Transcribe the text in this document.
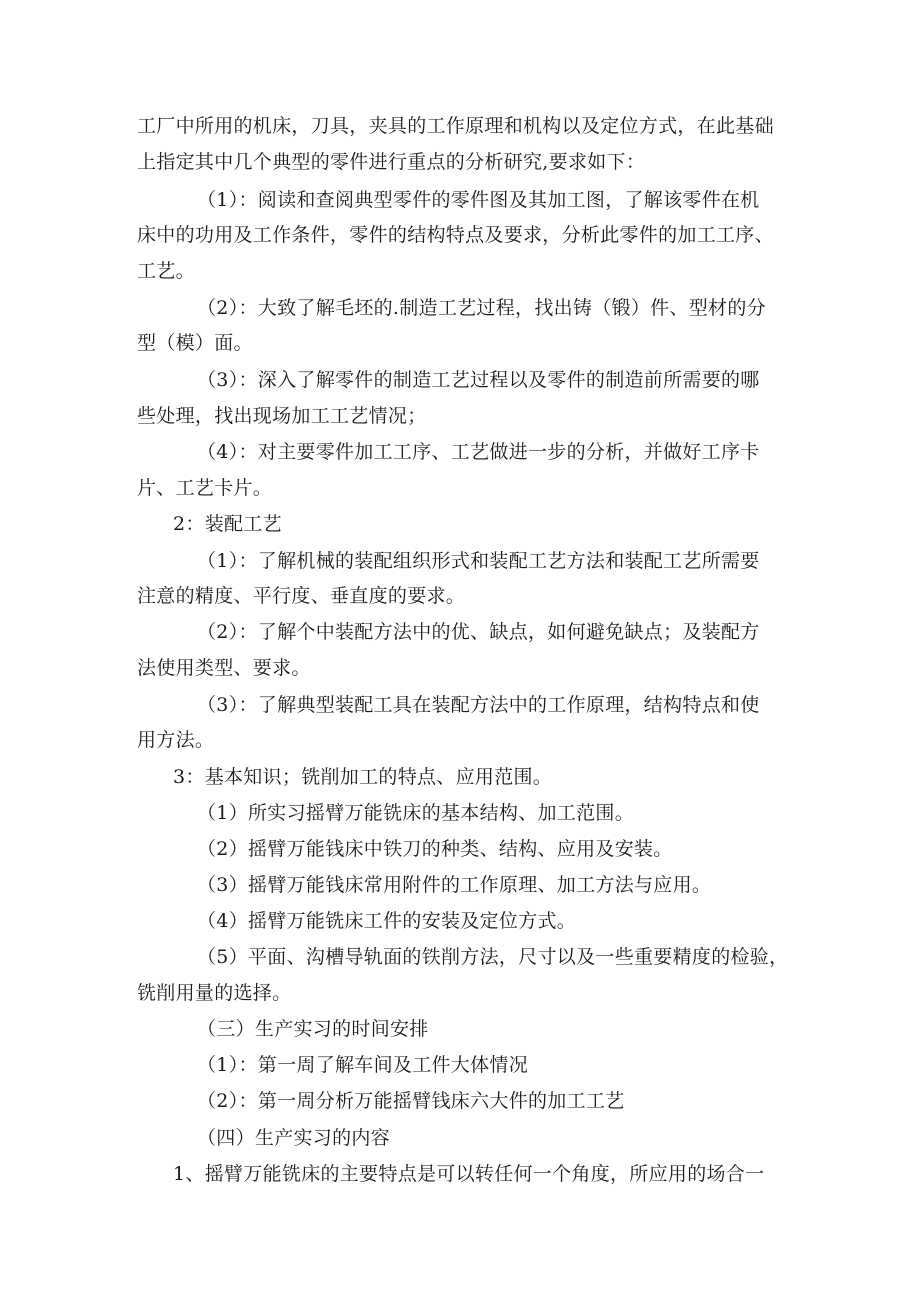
工厂中所用的机床，刀具，夹具的工作原理和机构以及定位方式，在此基础
上指定其中几个典型的零件进行重点的分析研究,要求如下：
（1）：阅读和查阅典型零件的零件图及其加工图，了解该零件在机
床中的功用及工作条件，零件的结构特点及要求，分析此零件的加工工序、
工艺。
（2）：大致了解毛坯的.制造工艺过程，找出铸（锻）件、型材的分
型（模）面。
（3）：深入了解零件的制造工艺过程以及零件的制造前所需要的哪
些处理，找出现场加工工艺情况；
（4）：对主要零件加工工序、工艺做进一步的分析，并做好工序卡
片、工艺卡片。
2：装配工艺
（1）：了解机械的装配组织形式和装配工艺方法和装配工艺所需要
注意的精度、平行度、垂直度的要求。
（2）：了解个中装配方法中的优、缺点，如何避免缺点；及装配方
法使用类型、要求。
（3）：了解典型装配工具在装配方法中的工作原理，结构特点和使
用方法。
3：基本知识；铣削加工的特点、应用范围。
（1）所实习摇臂万能铣床的基本结构、加工范围。
（2）摇臂万能钱床中铁刀的种类、结构、应用及安装。
（3）摇臂万能钱床常用附件的工作原理、加工方法与应用。
（4）摇臂万能铣床工件的安装及定位方式。
（5）平面、沟槽导轨面的铁削方法，尺寸以及一些重要精度的检验，
铣削用量的选择。
（三）生产实习的时间安排
（1）：第一周了解车间及工件大体情况
（2）：第一周分析万能摇臂钱床六大件的加工工艺
（四）生产实习的内容
1、摇臂万能铣床的主要特点是可以转任何一个角度，所应用的场合一
